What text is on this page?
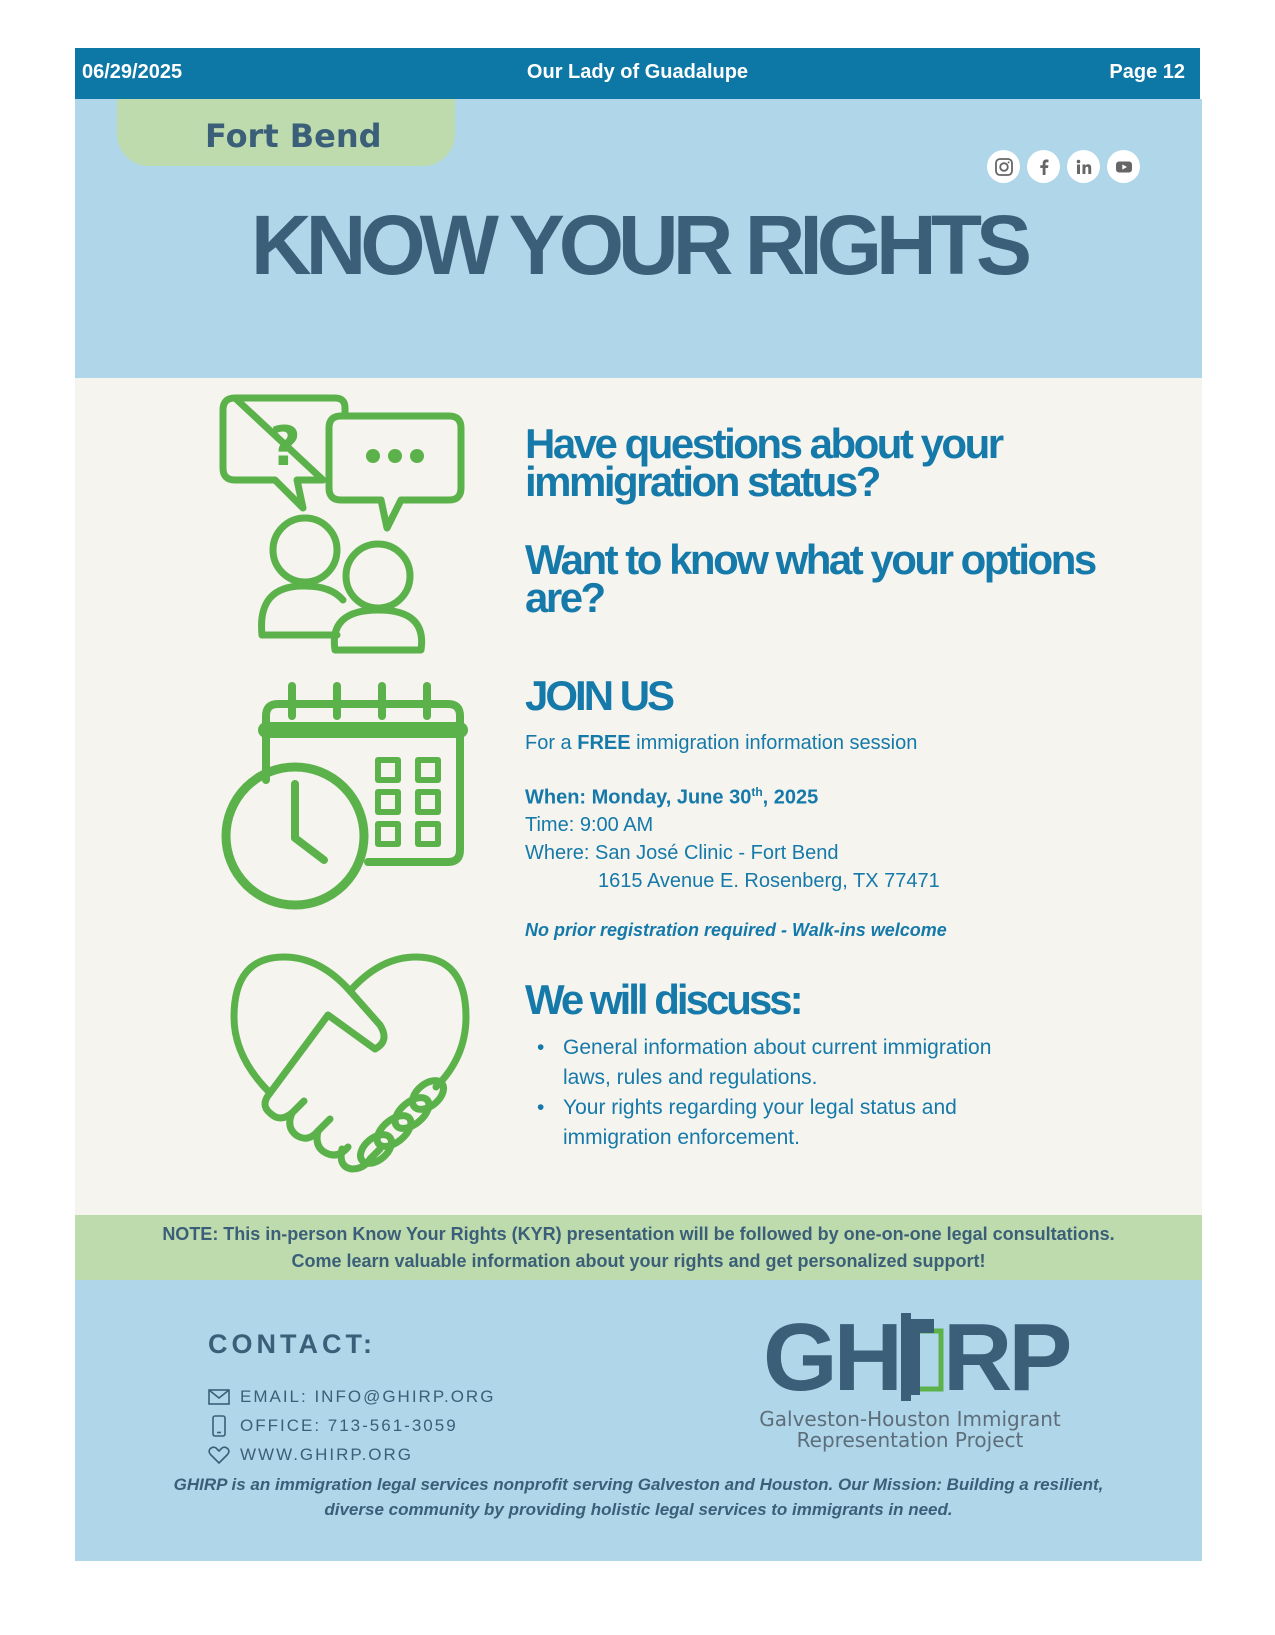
Our Lady of Guadalupe
06/29/2025	Page 12
Fort Bend
KNOW YOUR RIGHTS
?	Have questions about your
immigration status?
Want to know what your options
are?
JOIN US
For a FREE immigration information session
When: Monday, June 30th, 2025
Time: 9:00 AM
Where: San José Clinic - Fort Bend
1615 Avenue E. Rosenberg, TX 77471
No prior registration required - Walk-ins welcome
We will discuss:
• General information about current immigration
laws, rules and regulations.
• Your rights regarding your legal status and
immigration enforcement.
NOTE: This in-person Know Your Rights (KYR) presentation will be followed by one-on-one legal consultations.
Come learn valuable information about your rights and get personalized support!
CONTACT:
EMAIL: INFO@GHIRP.ORG
OFFICE: 713-561-3059
WWW.GHIRP.ORG
GH RP
Galveston-Houston Immigrant
Representation Project
GHIRP is an immigration legal services nonprofit serving Galveston and Houston. Our Mission: Building a resilient,
diverse community by providing holistic legal services to immigrants in need.
